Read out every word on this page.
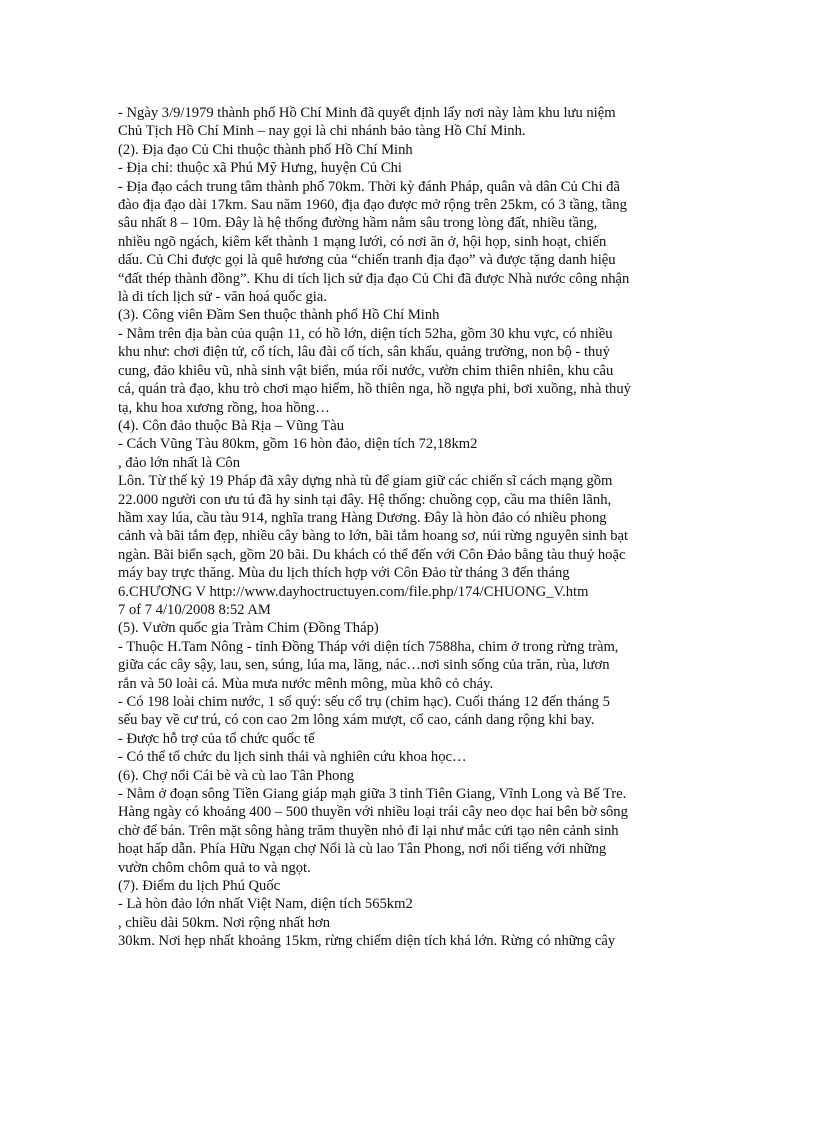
- Ngày 3/9/1979 thành phố Hồ Chí Minh đã quyết định lấy nơi này làm khu lưu niệm

Chủ Tịch Hồ Chí Minh – nay gọi là chi nhánh bảo tàng Hồ Chí Minh.

(2). Địa đạo Củ Chi thuộc thành phố Hồ Chí Minh

- Địa chỉ: thuộc xã Phú Mỹ Hưng, huyện Củ Chi

- Địa đạo cách trung tâm thành phố 70km. Thời kỳ đánh Pháp, quân và dân Củ Chi đã

đào địa đạo dài 17km. Sau năm 1960, địa đạo được mở rộng trên 25km, có 3 tầng, tầng

sâu nhất 8 – 10m. Đây là hệ thống đường hầm nằm sâu trong lòng đất, nhiều tầng,

nhiều ngõ ngách, kiêm kết thành 1 mạng lưới, có nơi ăn ở, hội họp, sinh hoạt, chiến

dấu. Củ Chi được gọi là quê hương của “chiến tranh địa đạo” và được tặng danh hiệu

“đất thép thành đồng”. Khu di tích lịch sử địa đạo Củ Chi đã được Nhà nước công nhận

là di tích lịch sử - văn hoá quốc gia.

(3). Công viên Đầm Sen thuộc thành phố Hồ Chí Minh

- Nằm trên địa bàn của quận 11, có hồ lớn, diện tích 52ha, gồm 30 khu vực, có nhiều

khu như: chơi điện tử, cổ tích, lâu đài cổ tích, sân khấu, quảng trường, non bộ - thuỷ

cung, đảo khiêu vũ, nhà sinh vật biển, múa rối nước, vườn chim thiên nhiên, khu câu

cá, quán trà đạo, khu trò chơi mạo hiểm, hồ thiên nga, hồ ngựa phi, bơi xuồng, nhà thuỷ

tạ, khu hoa xương rồng, hoa hồng…

(4). Côn đảo thuộc Bà Rịa – Vũng Tàu

- Cách Vũng Tàu 80km, gồm 16 hòn đảo, diện tích 72,18km2

, đảo lớn nhất là Côn

Lôn. Từ thế kỷ 19 Pháp đã xây dựng nhà tù để giam giữ các chiến sĩ cách mạng gồm

22.000 người con ưu tú đã hy sinh tại đây. Hệ thống: chuồng cọp, cầu ma thiên lãnh,

hầm xay lúa, cầu tàu 914, nghĩa trang Hàng Dương. Đây là hòn đảo có nhiều phong

cảnh và bãi tắm đẹp, nhiều cây bàng to lớn, bãi tắm hoang sơ, núi rừng nguyên sinh bạt

ngàn. Bãi biển sạch, gồm 20 bãi. Du khách có thể đến với Côn Đảo bằng tàu thuỷ hoặc

máy bay trực thăng. Mùa du lịch thích hợp với Côn Đảo từ tháng 3 đến tháng

6.CHƯƠNG V http://www.dayhoctructuyen.com/file.php/174/CHUONG_V.htm

7 of 7 4/10/2008 8:52 AM

(5). Vườn quốc gia Tràm Chim (Đồng Tháp)

- Thuộc H.Tam Nông - tỉnh Đồng Tháp với diện tích 7588ha, chim ở trong rừng tràm,

giữa các cây sậy, lau, sen, súng, lúa ma, lăng, nác…nơi sinh sống của trăn, rùa, lươn

rắn và 50 loài cá. Mùa mưa nước mênh mông, mùa khô cỏ cháy.

- Có 198 loài chim nước, 1 số quý: sếu cổ trụ (chim hạc). Cuối tháng 12 đến tháng 5

sếu bay về cư trú, có con cao 2m lông xám mượt, cổ cao, cánh dang rộng khi bay.

- Được hỗ trợ của tổ chức quốc tế

- Có thể tổ chức du lịch sinh thái và nghiên cứu khoa học…

(6). Chợ nổi Cái bè và cù lao Tân Phong

- Nằm ở đoạn sông Tiền Giang giáp mạh giữa 3 tỉnh Tiên Giang, Vĩnh Long và Bế Tre.

Hàng ngày có khoảng 400 – 500 thuyền với nhiều loại trái cây neo dọc hai bên bờ sông

chờ để bán. Trên mặt sông hàng trăm thuyền nhỏ đi lại như mắc cửi tạo nên cảnh sinh

hoạt hấp dẫn. Phía Hữu Ngạn chợ Nổi là cù lao Tân Phong, nơi nổi tiếng với những

vườn chôm chôm quả to và ngọt.

(7). Điểm du lịch Phú Quốc

- Là hòn đảo lớn nhất Việt Nam, diện tích 565km2

, chiều dài 50km. Nơi rộng nhất hơn

30km. Nơi hẹp nhất khoảng 15km, rừng chiếm diện tích khá lớn. Rừng có những cây
